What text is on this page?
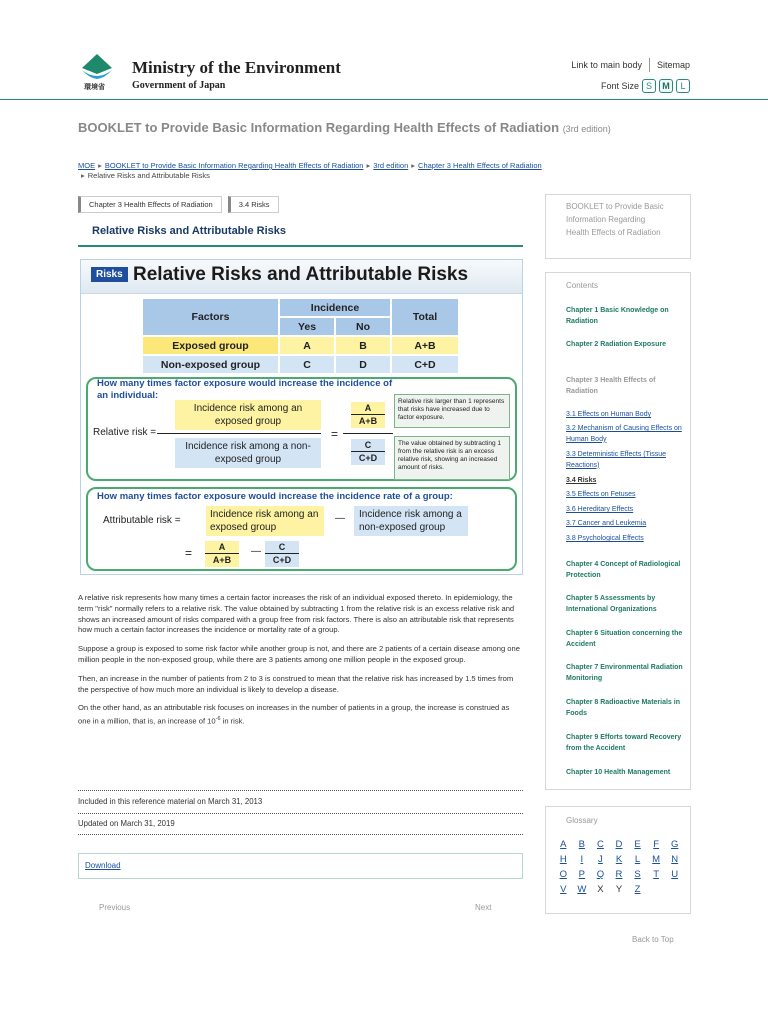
環境省
Ministry of the Environment
Government of Japan
Link to main body Sitemap
Font Size S	M	L
BOOKLET to Provide Basic Information Regarding Health Effects of Radiation (3rd edition)
MOE ▸ BOOKLET to Provide Basic Information Regarding Health Effects of Radiation ▸ 3rd edition ▸ Chapter 3 Health Effects of Radiation
▸ Relative Risks and Attributable Risks
Chapter 3 Health Effects of Radiation	3.4 Risks
Relative Risks and Attributable Risks
Risks Relative Risks and Attributable Risks
Factors	Incidence		Total
	Yes	No	
Exposed group	A	B	A+B
Non-exposed group	C	D	C+D
How many times factor exposure would increase the incidence of an individual:
Incidence risk among an exposed group
Incidence risk among a non-exposed group
Relative risk =	=
$\frac{A}{A+B}$
$\frac{C}{C+D}$
Relative risk larger than 1 represents that risks have increased due to factor exposure.
The value obtained by subtracting 1 from the relative risk is an excess relative risk, showing an increased amount of risks.
How many times factor exposure would increase the incidence rate of a group:
Attributable risk =
Incidence risk among an exposed group
—	Incidence risk among a non-exposed group
= $\frac{A}{A+B}$ — $\frac{C}{C+D}$

A relative risk represents how many times a certain factor increases the risk of an individual exposed thereto. In epidemiology, the term "risk" normally refers to a relative risk. The value obtained by subtracting 1 from the relative risk is an excess relative risk and shows an increased amount of risks compared with a group free from risk factors. There is also an attributable risk that represents how much a certain factor increases the incidence or mortality rate of a group.

Suppose a group is exposed to some risk factor while another group is not, and there are 2 patients of a certain disease among one million people in the non-exposed group, while there are 3 patients among one million people in the exposed group.

Then, an increase in the number of patients from 2 to 3 is construed to mean that the relative risk has increased by 1.5 times from the perspective of how much more an individual is likely to develop a disease.

On the other hand, as an attributable risk focuses on increases in the number of patients in a group, the increase is construed as one in a million, that is, an increase of $10^{-6}$ in risk.

Included in this reference material on March 31, 2013
Updated on March 31, 2019
Download
Previous	Next
BOOKLET to Provide Basic Information Regarding Health Effects of Radiation
Contents
Chapter 1 Basic Knowledge on Radiation
Chapter 2 Radiation Exposure
Chapter 3 Health Effects of Radiation
3.1 Effects on Human Body
3.2 Mechanism of Causing Effects on Human Body
3.3 Deterministic Effects (Tissue Reactions)
3.4 Risks
3.5 Effects on Fetuses
3.6 Hereditary Effects
3.7 Cancer and Leukemia
3.8 Psychological Effects
Chapter 4 Concept of Radiological Protection
Chapter 5 Assessments by International Organizations
Chapter 6 Situation concerning the Accident
Chapter 7 Environmental Radiation Monitoring
Chapter 8 Radioactive Materials in Foods
Chapter 9 Efforts toward Recovery from the Accident
Chapter 10 Health Management
Glossary
A	B	C	D	E	F	G
H	I	J	K	L	M	N
O	P	Q	R	S	T	U
V	W	X	Y	Z
Back to Top
